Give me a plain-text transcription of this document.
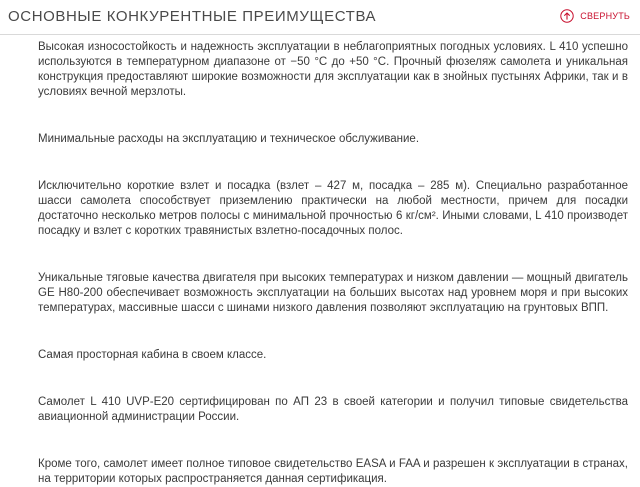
ОСНОВНЫЕ КОНКУРЕНТНЫЕ ПРЕИМУЩЕСТВА	СВЕРНУТЬ

Высокая износостойкость и надежность эксплуатации в неблагоприятных погодных условиях. L 410 успешно используются в температурном диапазоне от −50 °С до +50 °С. Прочный фюзеляж самолета и уникальная конструкция предоставляют широкие возможности для эксплуатации как в знойных пустынях Африки, так и в условиях вечной мерзлоты.

Минимальные расходы на эксплуатацию и техническое обслуживание.

Исключительно короткие взлет и посадка (взлет – 427 м, посадка – 285 м). Специально разработанное шасси самолета способствует приземлению практически на любой местности, причем для посадки достаточно несколько метров полосы с минимальной прочностью 6 кг/см². Иными словами, L 410 производет посадку и взлет с коротких травянистых взлетно-посадочных полос.

Уникальные тяговые качества двигателя при высоких температурах и низком давлении — мощный двигатель GE H80-200 обеспечивает возможность эксплуатации на больших высотах над уровнем моря и при высоких температурах, массивные шасси с шинами низкого давления позволяют эксплуатацию на грунтовых ВПП.

Самая просторная кабина в своем классе.

Самолет L 410 UVP-E20 сертифицирован по АП 23 в своей категории и получил типовые свидетельства авиационной администрации России.

Кроме того, самолет имеет полное типовое свидетельство EASA и FAA и разрешен к эксплуатации в странах, на территории которых распространяется данная сертификация.
